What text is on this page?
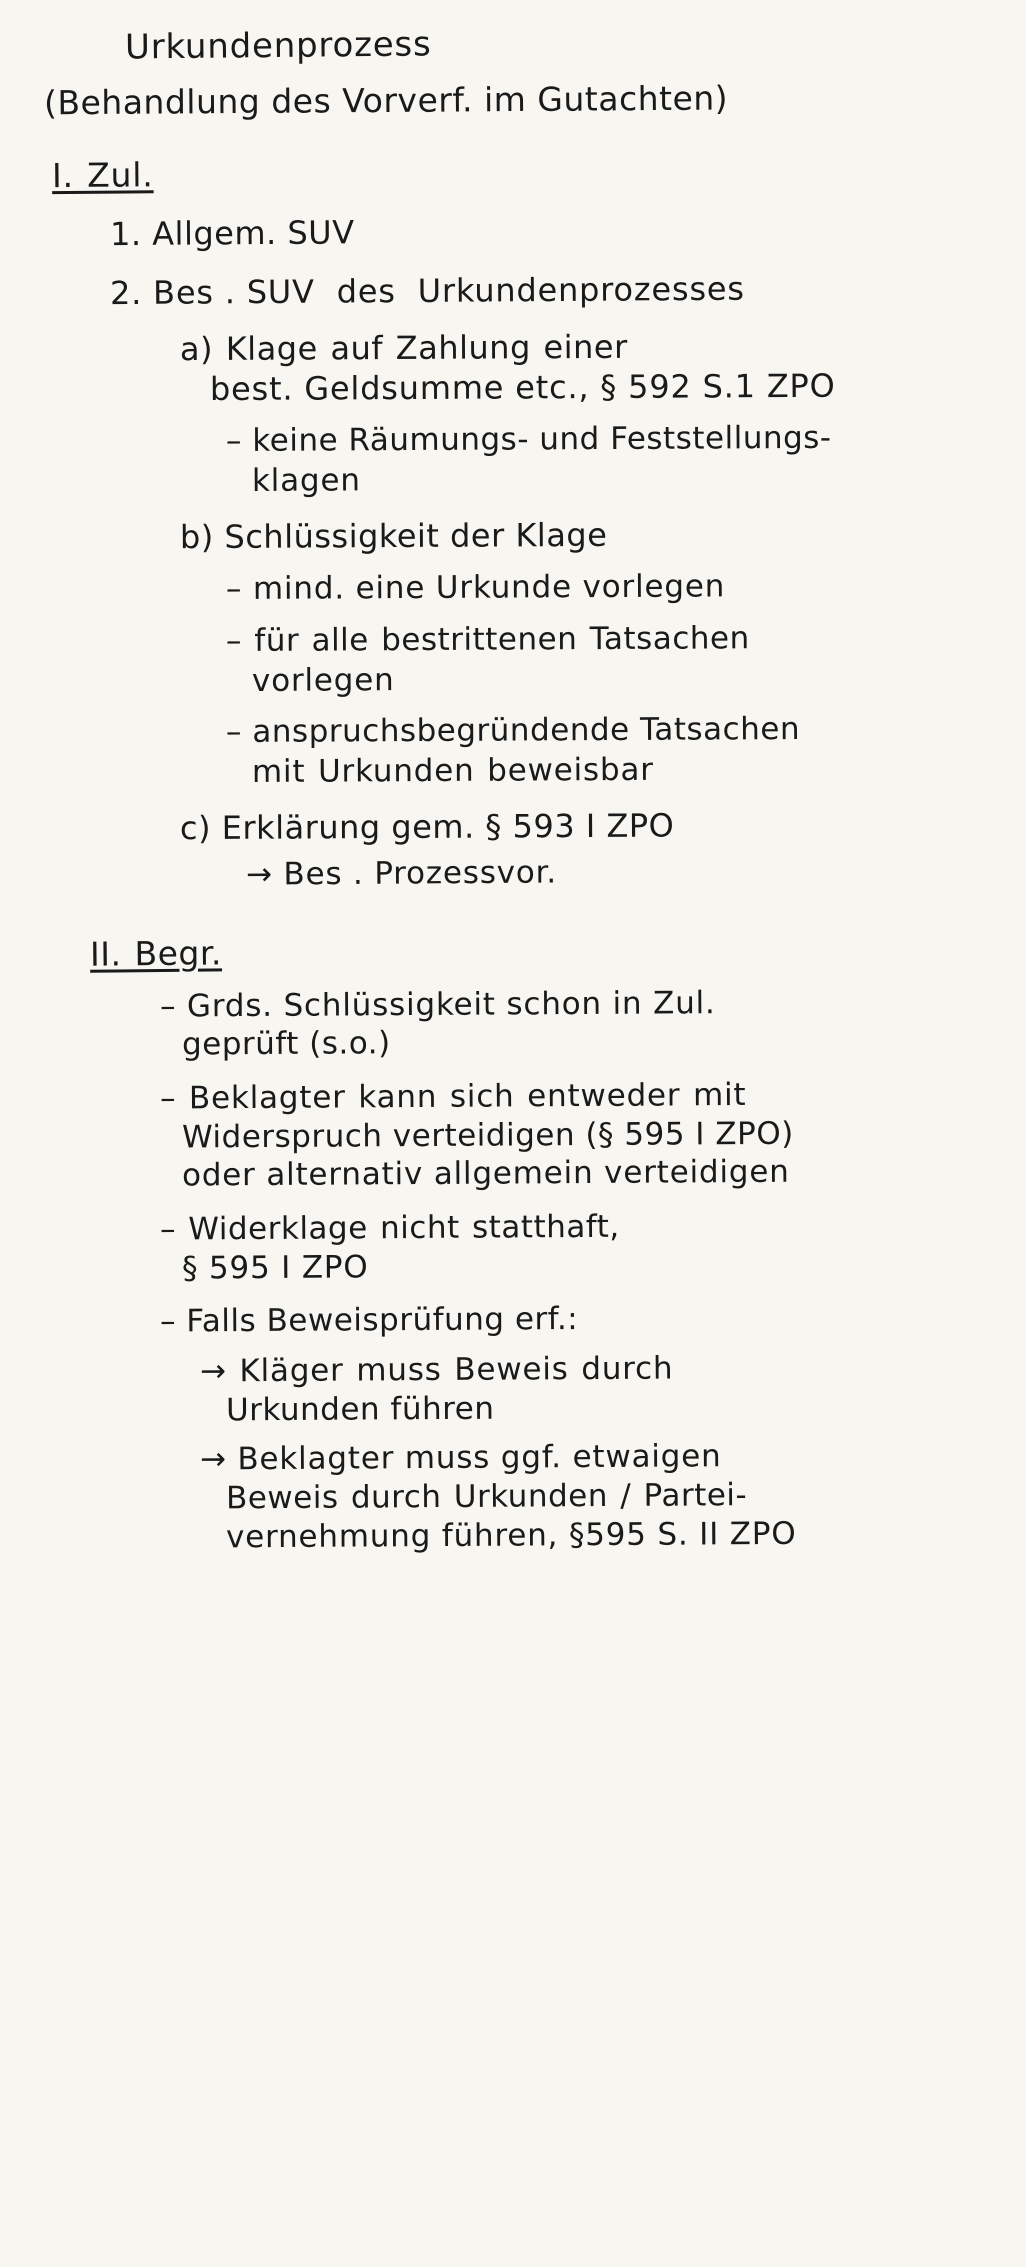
Urkundenprozess
(Behandlung des Vorverf. im Gutachten)
I. Zul.
1. Allgem. SUV
2. Bes . SUV  des  Urkundenprozesses
a) Klage auf Zahlung einer
best. Geldsumme etc., § 592 S.1 ZPO
– keine Räumungs- und Feststellungs-
klagen
b) Schlüssigkeit der Klage
– mind. eine Urkunde vorlegen
– für alle bestrittenen Tatsachen
vorlegen
– anspruchsbegründende Tatsachen
mit Urkunden beweisbar
c) Erklärung gem. § 593 I ZPO
→ Bes . Prozessvor.
II. Begr.
– Grds. Schlüssigkeit schon in Zul.
geprüft (s.o.)
– Beklagter kann sich entweder mit
Widerspruch verteidigen (§ 595 I ZPO)
oder alternativ allgemein verteidigen
– Widerklage nicht statthaft,
§ 595 I ZPO
– Falls Beweisprüfung erf.:
→ Kläger muss Beweis durch
Urkunden führen
→ Beklagter muss ggf. etwaigen
Beweis durch Urkunden / Partei-
vernehmung führen, §595 S. II ZPO
